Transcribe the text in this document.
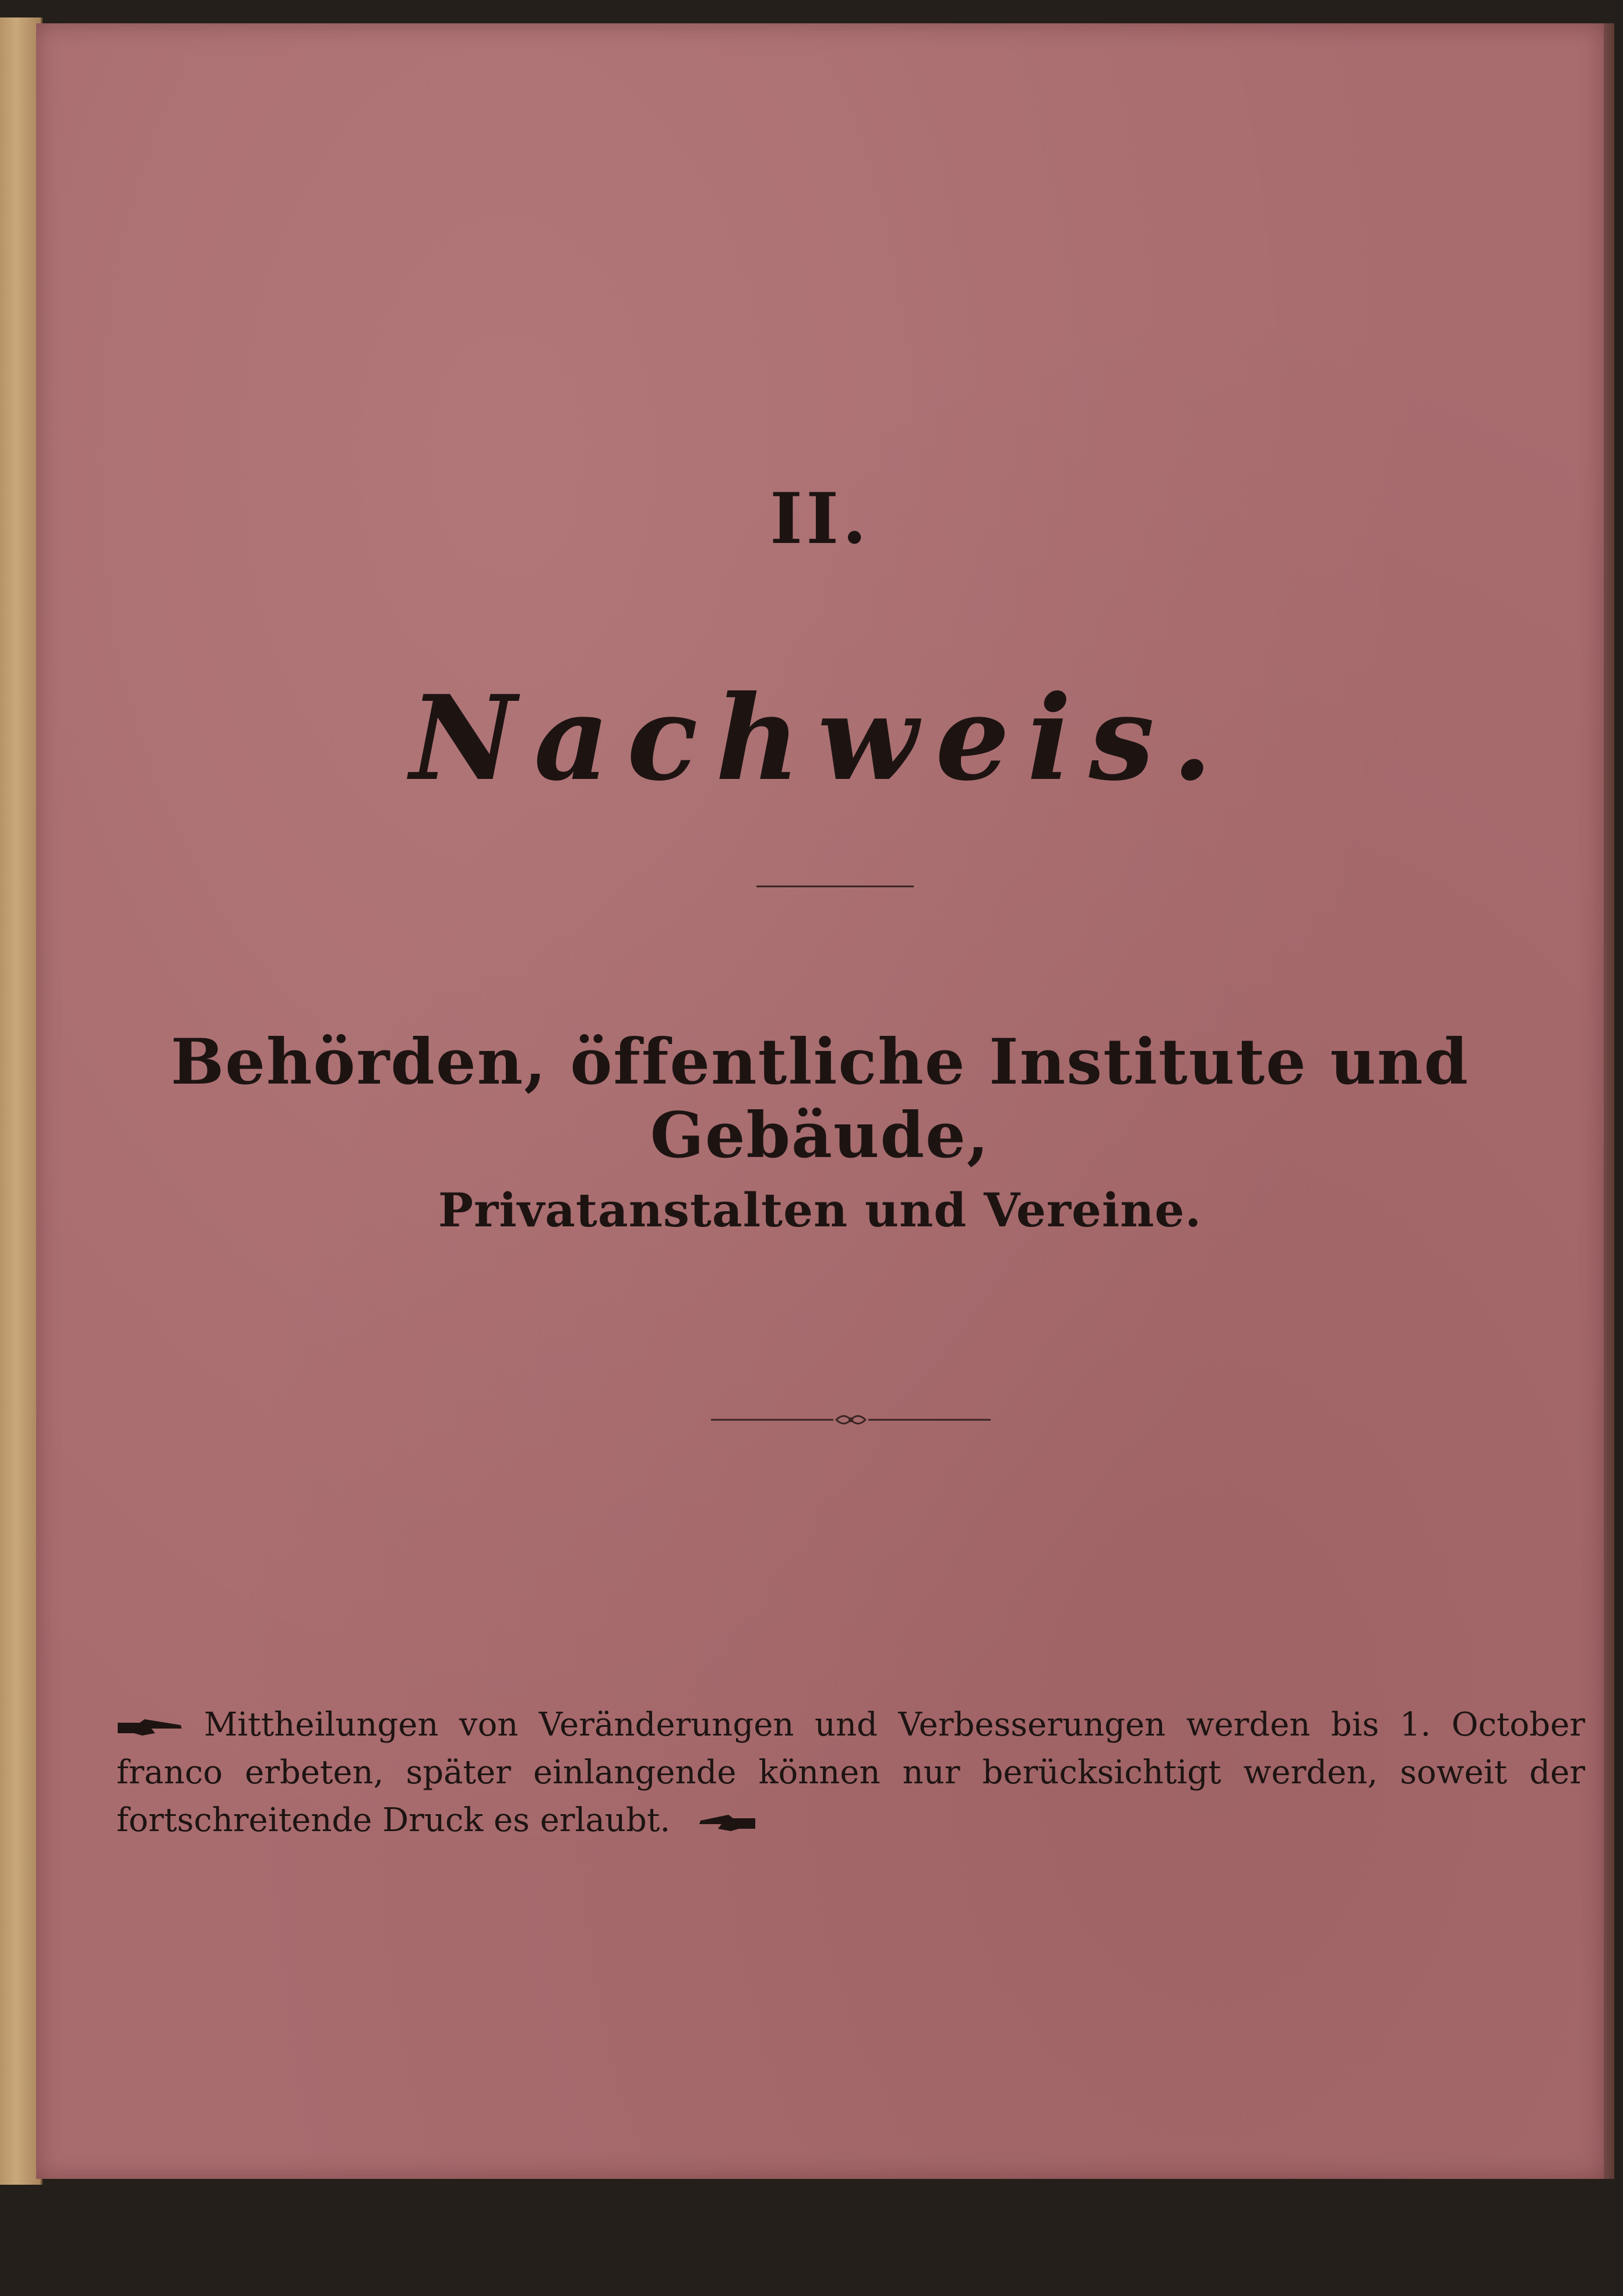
II.
Nachweis.
Behörden, öffentliche Institute und Gebäude,
Privatanstalten und Vereine.
Mittheilungen von Veränderungen und Verbesserungen werden bis 1. October franco erbeten, später einlangende können nur berücksichtigt werden, soweit der fortschreitende Druck es erlaubt.
